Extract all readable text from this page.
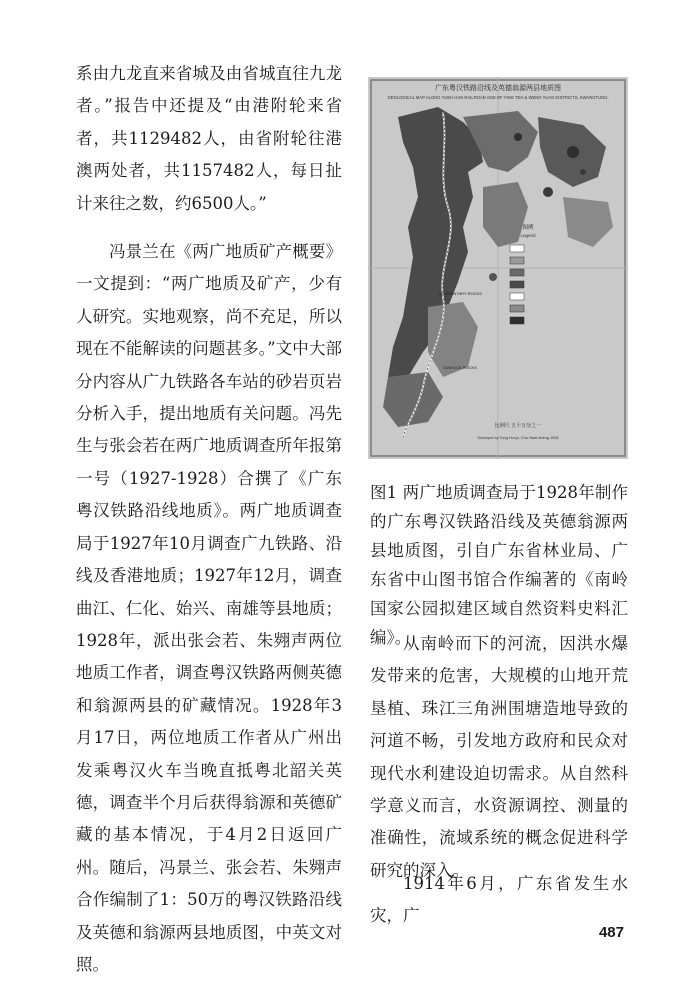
系由九龙直来省城及由省城直往九龙者。”报告中还提及“由港附轮来省者，共1129482人，由省附轮往港澳两处者，共1157482人，每日扯计来往之数，约6500人。”

冯景兰在《两广地质矿产概要》一文提到：“两广地质及矿产，少有人研究。实地观察，尚不充足，所以现在不能解读的问题甚多。”文中大部分内容从广九铁路各车站的砂岩页岩分析入手，提出地质有关问题。冯先生与张会若在两广地质调查所年报第一号（1927-1928）合撰了《广东粤汉铁路沿线地质》。两广地质调查局于1927年10月调查广九铁路、沿线及香港地质；1927年12月，调查曲江、仁化、始兴、南雄等县地质；1928年，派出张会若、朱翙声两位地质工作者，调查粤汉铁路两侧英德和翁源两县的矿藏情况。1928年3月17日，两位地质工作者从广州出发乘粤汉火车当晚直抵粤北韶关英德，调查半个月后获得翁源和英德矿藏的基本情况，于4月2日返回广州。随后，冯景兰、张会若、朱翙声合作编制了1：50万的粤汉铁路沿线及英德和翁源两县地质图，中英文对照。

广东粤汉铁路沿线及英德翁源两县地质图
GEOLOGICAL MAP ALONG YUEH HAN RAILROAD AND OF YING TEH & WENG YUAN DISTRICTS, KWANGTUNG.
图例
Legend
SEDIMENTARY ROCKS
IGNEOUS ROCKS
比例尺 五十万分之一
Surveyed by Tang Hui-jo, Chu Hwei-sheng 1928

图1 两广地质调查局于1928年制作的广东粤汉铁路沿线及英德翁源两县地质图，引自广东省林业局、广东省中山图书馆合作编著的《南岭国家公园拟建区域自然资料史料汇编》。

从南岭而下的河流，因洪水爆发带来的危害，大规模的山地开荒垦植、珠江三角洲围塘造地导致的河道不畅，引发地方政府和民众对现代水利建设迫切需求。从自然科学意义而言，水资源调控、测量的准确性，流域系统的概念促进科学研究的深入。

1914年6月，广东省发生水灾，广

487
